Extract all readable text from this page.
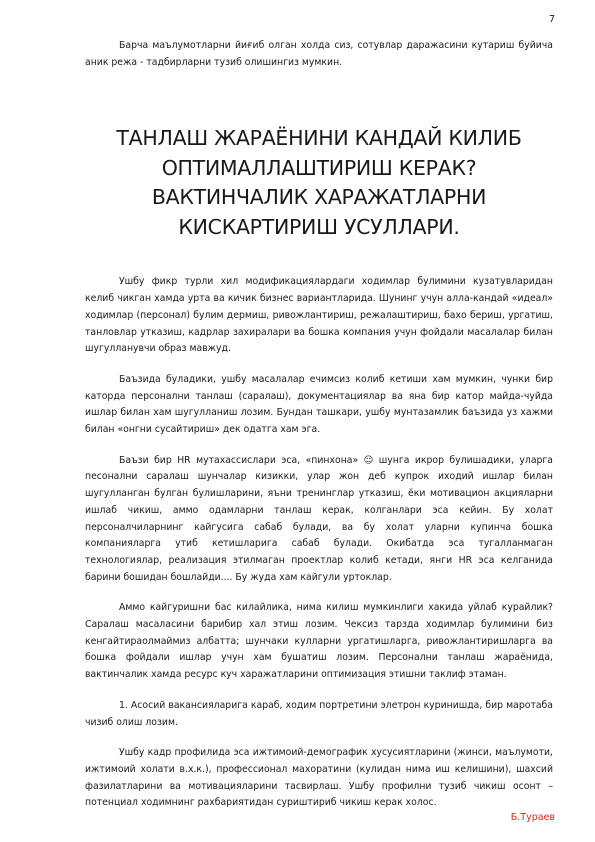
7

Барча маълумотларни йиғиб олган холда сиз, сотувлар даражасини кутариш буйича аник режа - тадбирларни тузиб олишингиз мумкин.

ТАНЛАШ ЖАРАЁНИНИ КАНДАЙ КИЛИБ ОПТИМАЛЛАШТИРИШ КЕРАК? ВАКТИНЧАЛИК ХАРАЖАТЛАРНИ КИСКАРТИРИШ УСУЛЛАРИ.

Ушбу фикр турли хил модификациялардаги ходимлар булимини кузатувларидан келиб чикган хамда урта ва кичик бизнес вариантларида. Шунинг учун алла-кандай «идеал» ходимлар (персонал) булим дермиш, ривожлантириш, режалаштириш, бахо бериш, ургатиш, танловлар утказиш, кадрлар захиралари ва бошка компания учун фойдали масалалар билан шугулланувчи образ мавжуд.

Баъзида буладики, ушбу масалалар ечимсиз колиб кетиши хам мумкин, чунки бир каторда персонални танлаш (саралаш), документациялар ва яна бир катор майда-чуйда ишлар билан хам шугулланиш лозим. Бундан ташкари, ушбу мунтазамлик баъзида уз хажми билан «онгни сусайтириш» дек одатга хам эга.

Баъзи бир HR мутахассислари эса, «пинхона» ☺ шунга икрор булишадики, уларга песонални саралаш шунчалар кизикки, улар жон деб купрок иходий ишлар билан шугулланган булган булишларини, яъни тренинглар утказиш, ёки мотивацион акцияларни ишлаб чикиш, аммо одамларни танлаш керак, колганлари эса кейин. Бу холат персоналчиларнинг кайгусига сабаб булади, ва бу холат уларни купинча бошка компанияларга утиб кетишларига сабаб булади. Окибатда эса тугалланмаган технологиялар, реализация этилмаган проектлар колиб кетади, янги HR эса келганида барини бошидан бошлайди.... Бу жуда хам кайгули уртоклар.

Аммо кайгуришни бас килайлика, нима килиш мумкинлиги хакида уйлаб курайлик? Саралаш масаласини барибир хал этиш лозим. Чексиз тарзда ходимлар булимини биз кенгайтираолмаймиз албатта; шунчаки кулларни ургатишларга, ривожлантиришларга ва бошка фойдали ишлар учун хам бушатиш лозим. Персонални танлаш жараёнида, вактинчалик хамда ресурс куч харажатларини оптимизация этишни таклиф этаман.

1. Асосий вакансияларига караб, ходим портретини элетрон куринишда, бир маротаба чизиб олиш лозим.

Ушбу кадр профилида эса ижтимоий-демографик хусусиятларини (жинси, маълумоти, ижтимоий холати в.х.к.), профессионал махоратини (кулидан нима иш келишини), шахсий фазилатларини ва мотивацияларини тасвирлаш. Ушбу профилни тузиб чикиш осонт – потенциал ходимнинг рахбариятидан суриштириб чикиш керак холос.

Б.Тураев
